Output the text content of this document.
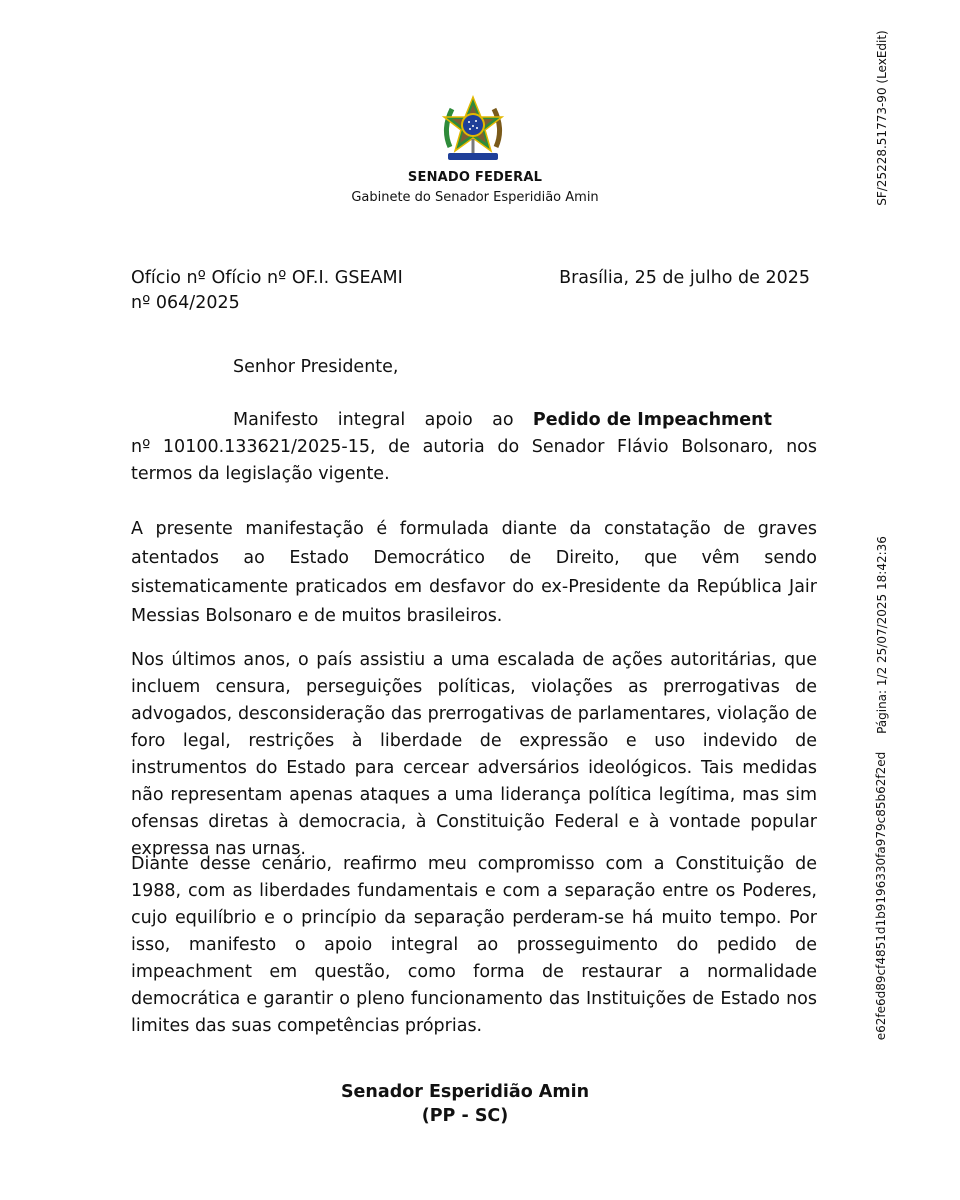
SENADO FEDERAL
Gabinete do Senador Esperidião Amin	SF/25228.51773-90 (LexEdit)
Página: 1/2 25/07/2025 18:42:36
e62fe6d89cf4851d1b9196330fa979c85b62f2ed
Ofício nº Ofício nº OF.I. GSEAMI nº 064/2025
Brasília, 25 de julho de 2025
Senhor Presidente,
Manifesto integral apoio ao Pedido de Impeachment
nº 10100.133621/2025-15, de autoria do Senador Flávio Bolsonaro, nos termos da legislação vigente.
A presente manifestação é formulada diante da constatação de graves atentados ao Estado Democrático de Direito, que vêm sendo sistematicamente praticados em desfavor do ex-Presidente da República Jair Messias Bolsonaro e de muitos brasileiros.
Nos últimos anos, o país assistiu a uma escalada de ações autoritárias, que incluem censura, perseguições políticas, violações as prerrogativas de advogados, desconsideração das prerrogativas de parlamentares, violação de foro legal, restrições à liberdade de expressão e uso indevido de instrumentos do Estado para cercear adversários ideológicos. Tais medidas não representam apenas ataques a uma liderança política legítima, mas sim ofensas diretas à democracia, à Constituição Federal e à vontade popular expressa nas urnas.
Diante desse cenário, reafirmo meu compromisso com a Constituição de 1988, com as liberdades fundamentais e com a separação entre os Poderes, cujo equilíbrio e o princípio da separação perderam-se há muito tempo. Por isso, manifesto o apoio integral ao prosseguimento do pedido de impeachment em questão, como forma de restaurar a normalidade democrática e garantir o pleno funcionamento das Instituições de Estado nos limites das suas competências próprias.
Senador Esperidião Amin
(PP - SC)
